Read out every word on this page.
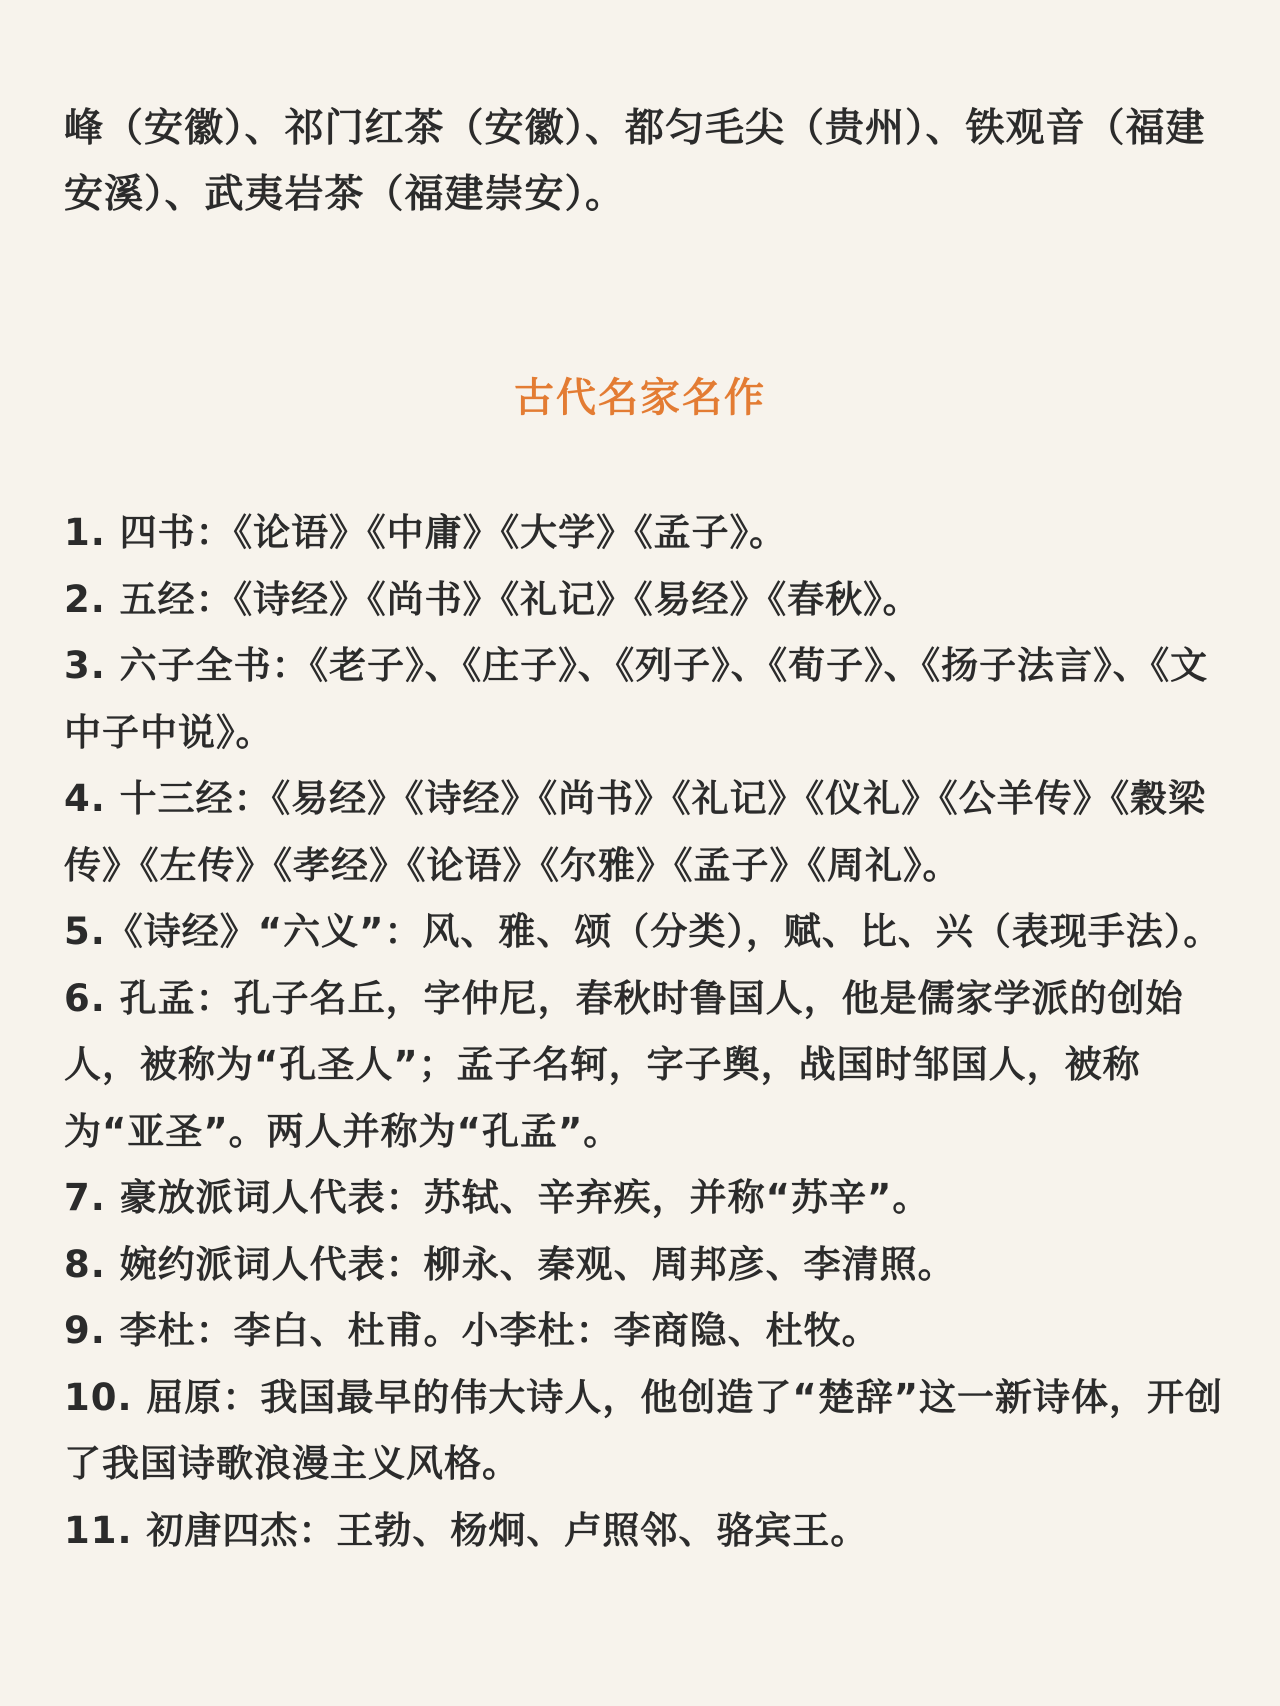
峰（安徽）、祁门红茶（安徽）、都匀毛尖（贵州）、铁观音（福建安溪）、武夷岩茶（福建崇安）。
古代名家名作
1. 四书：《论语》《中庸》《大学》《孟子》。
2. 五经：《诗经》《尚书》《礼记》《易经》《春秋》。
3. 六子全书：《老子》、《庄子》、《列子》、《荀子》、《扬子法言》、《文中子中说》。
4. 十三经：《易经》《诗经》《尚书》《礼记》《仪礼》《公羊传》《穀梁传》《左传》《孝经》《论语》《尔雅》《孟子》《周礼》。
5.《诗经》“六义”：风、雅、颂（分类），赋、比、兴（表现手法）。
6. 孔孟：孔子名丘，字仲尼，春秋时鲁国人，他是儒家学派的创始人，被称为“孔圣人”；孟子名轲，字子舆，战国时邹国人，被称为“亚圣”。两人并称为“孔孟”。
7. 豪放派词人代表：苏轼、辛弃疾，并称“苏辛”。
8. 婉约派词人代表：柳永、秦观、周邦彦、李清照。
9. 李杜：李白、杜甫。小李杜：李商隐、杜牧。
10. 屈原：我国最早的伟大诗人，他创造了“楚辞”这一新诗体，开创了我国诗歌浪漫主义风格。
11. 初唐四杰：王勃、杨炯、卢照邻、骆宾王。
